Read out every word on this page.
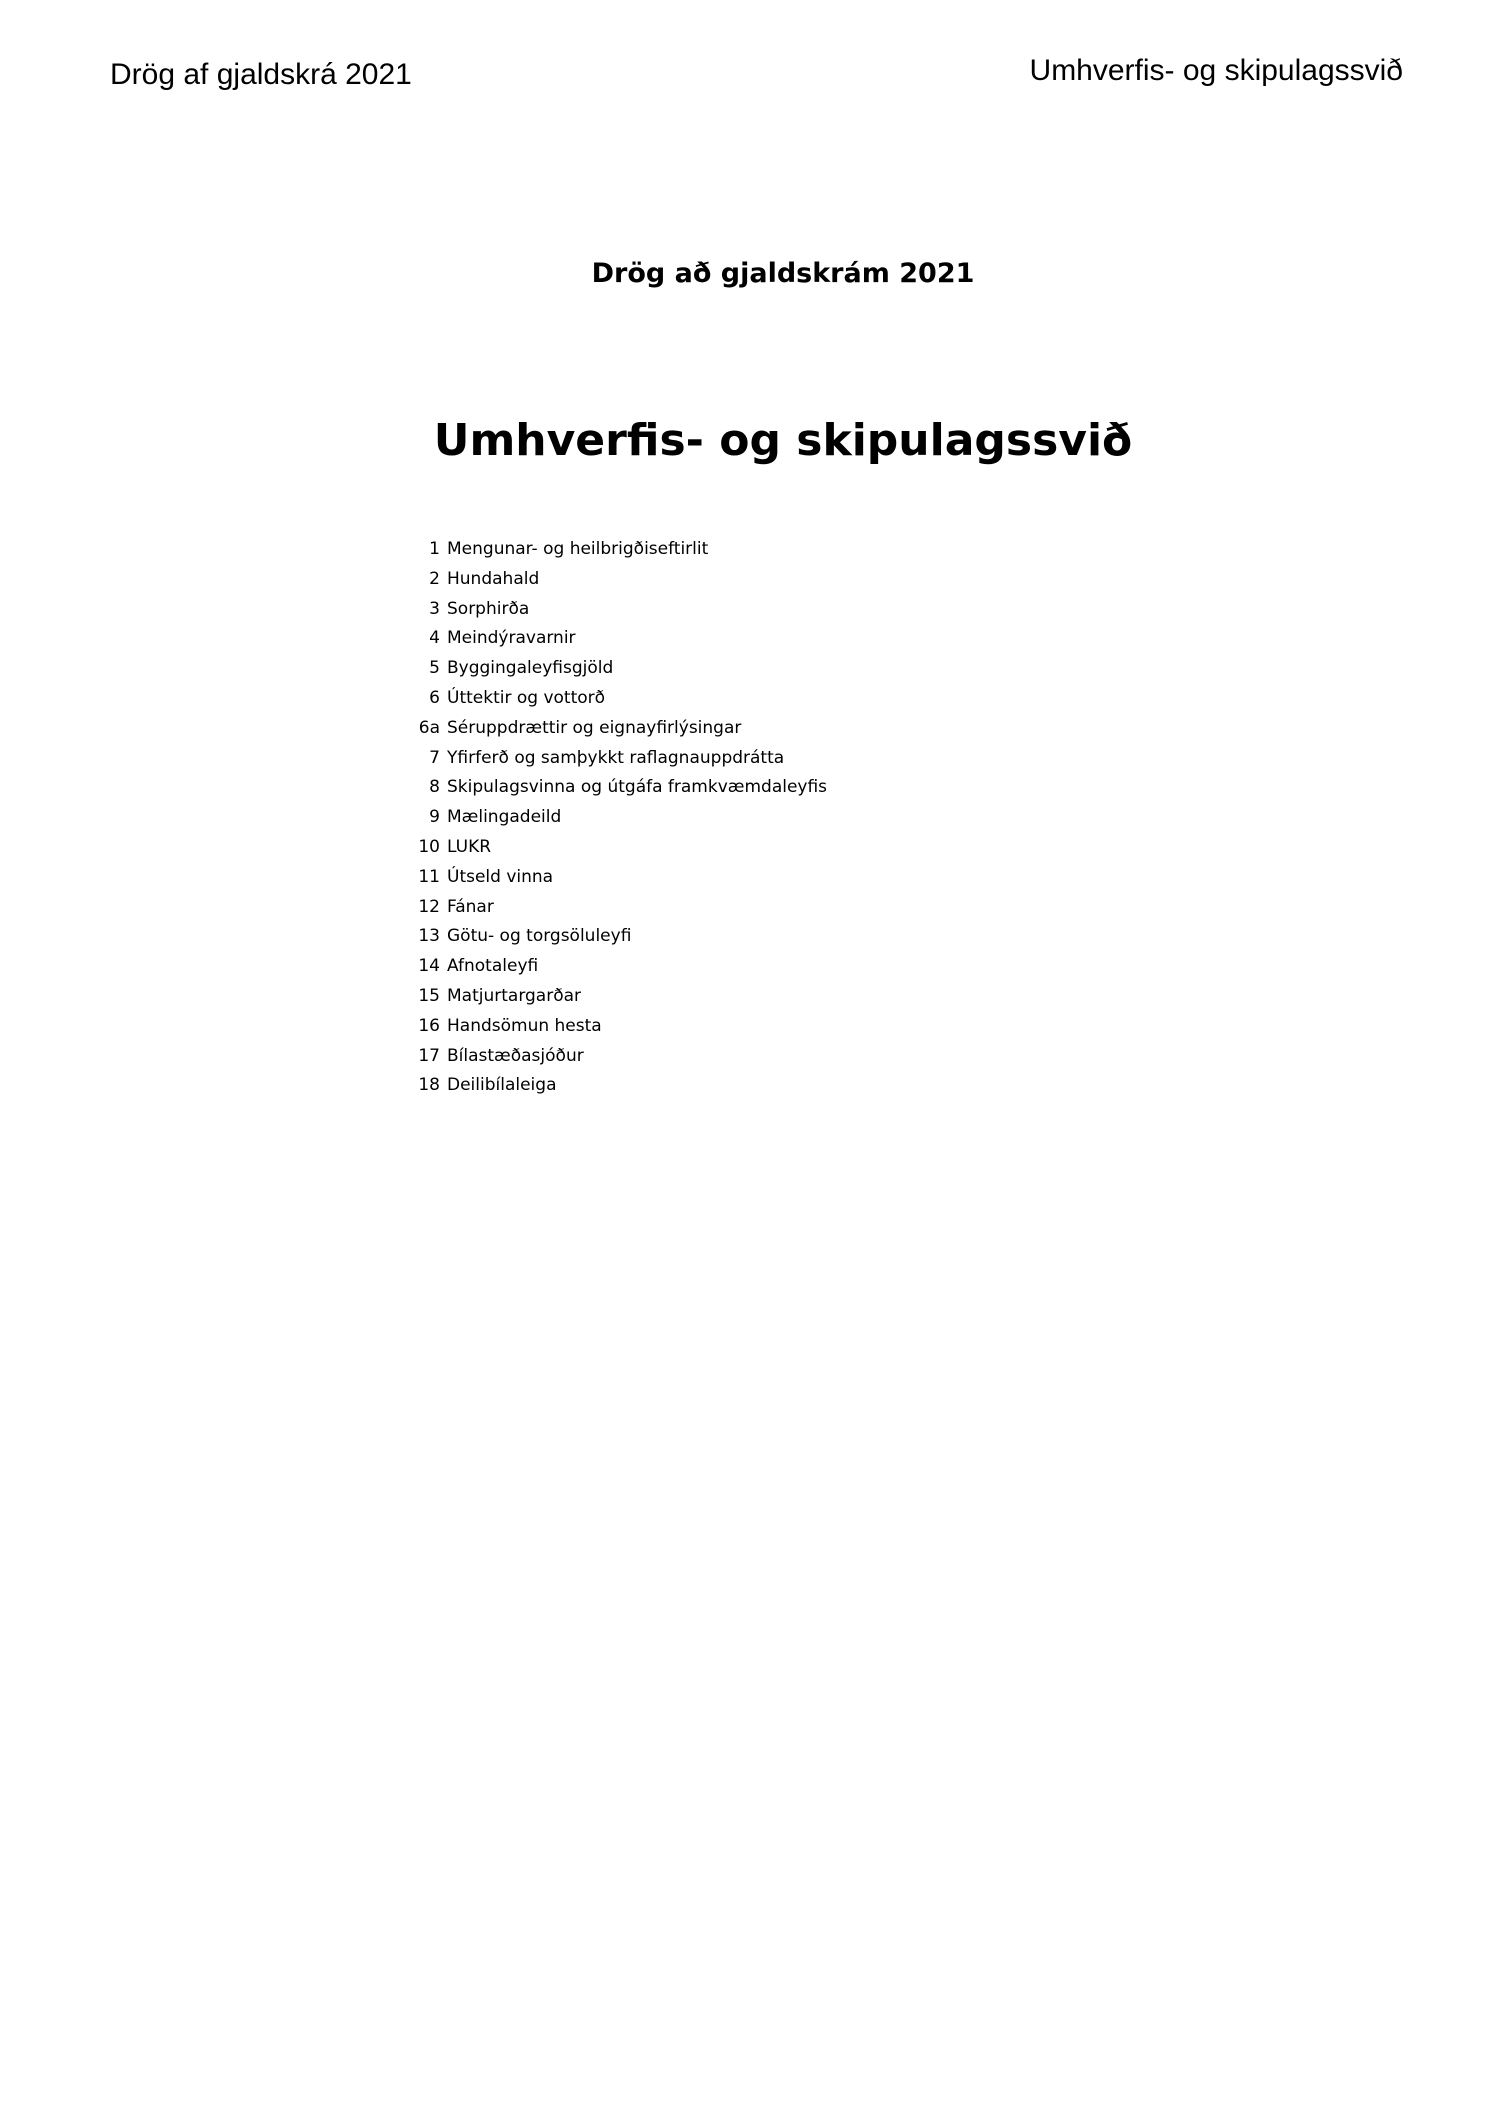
Drög af gjaldskrá 2021	Umhverfis- og skipulagssvið
Drög að gjaldskrám 2021
Umhverfis- og skipulagssvið
1 Mengunar- og heilbrigðiseftirlit
2 Hundahald
3 Sorphirða
4 Meindýravarnir
5 Byggingaleyfisgjöld
6 Úttektir og vottorð
6a Séruppdrættir og eignayfirlýsingar
7 Yfirferð og samþykkt raflagnauppdrátta
8 Skipulagsvinna og útgáfa framkvæmdaleyfis
9 Mælingadeild
10 LUKR
11 Útseld vinna
12 Fánar
13 Götu- og torgsöluleyfi
14 Afnotaleyfi
15 Matjurtargarðar
16 Handsömun hesta
17 Bílastæðasjóður
18 Deilibílaleiga
